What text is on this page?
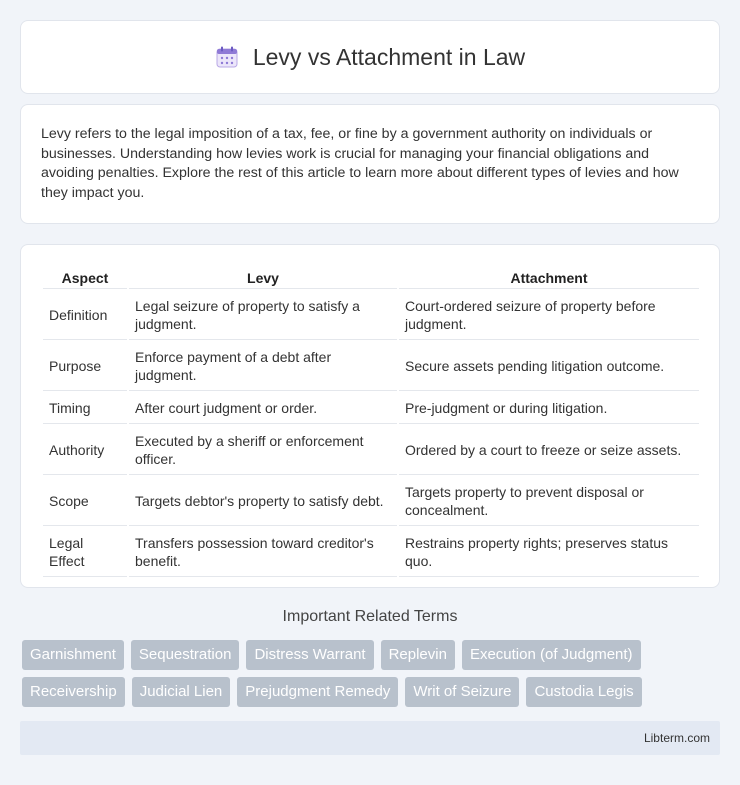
Levy vs Attachment in Law

Levy refers to the legal imposition of a tax, fee, or fine by a government authority on individuals or businesses. Understanding how levies work is crucial for managing your financial obligations and avoiding penalties. Explore the rest of this article to learn more about different types of levies and how they impact you.

Aspect	Levy	Attachment
Definition	Legal seizure of property to satisfy a judgment.	Court-ordered seizure of property before judgment.
Purpose	Enforce payment of a debt after judgment.	Secure assets pending litigation outcome.
Timing	After court judgment or order.	Pre-judgment or during litigation.
Authority	Executed by a sheriff or enforcement officer.	Ordered by a court to freeze or seize assets.
Scope	Targets debtor's property to satisfy debt.	Targets property to prevent disposal or concealment.
Legal Effect	Transfers possession toward creditor's benefit.	Restrains property rights; preserves status quo.
Important Related Terms
Garnishment	Sequestration	Distress Warrant	Replevin	Execution (of Judgment)
Receivership	Judicial Lien	Prejudgment Remedy	Writ of Seizure	Custodia Legis
Libterm.com
